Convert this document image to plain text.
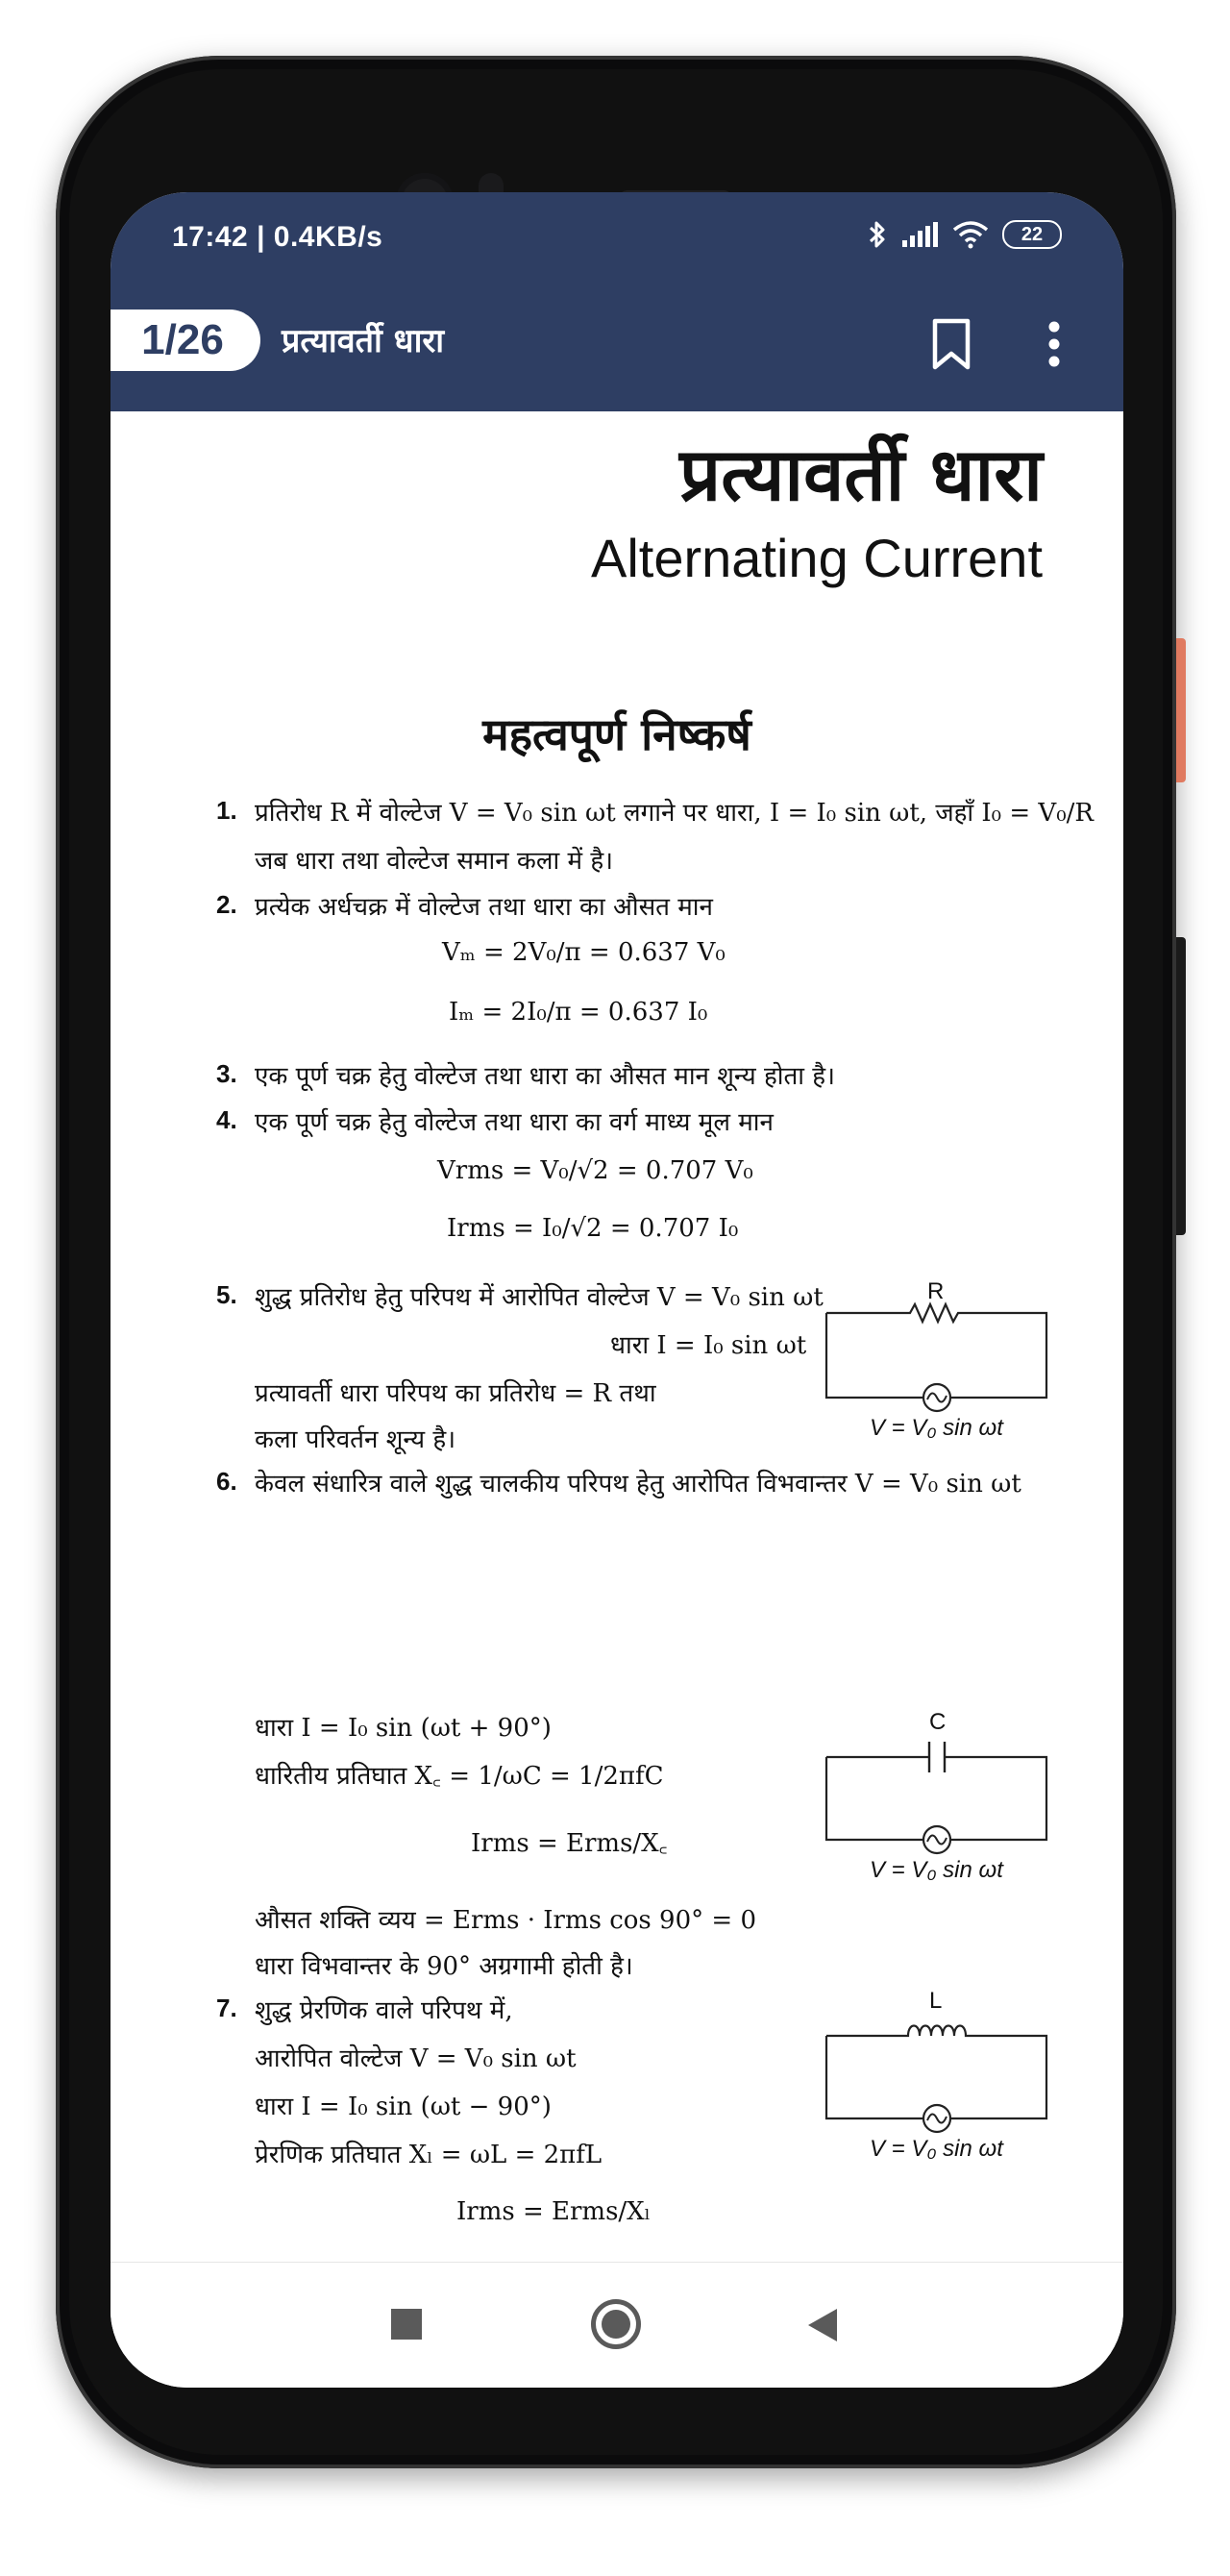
17:42 | 0.4KB/s	22
1/26	प्रत्यावर्ती धारा
प्रत्यावर्ती धारा
Alternating Current
महत्वपूर्ण निष्कर्ष
1. प्रतिरोध R में वोल्टेज V = V₀ sin ωt लगाने पर धारा, I = I₀ sin ωt, जहाँ I₀ = V₀/R
जब धारा तथा वोल्टेज समान कला में है।
2. प्रत्येक अर्धचक्र में वोल्टेज तथा धारा का औसत मान
Vₘ = 2V₀/π = 0.637 V₀
Iₘ = 2I₀/π = 0.637 I₀
3. एक पूर्ण चक्र हेतु वोल्टेज तथा धारा का औसत मान शून्य होता है।
4. एक पूर्ण चक्र हेतु वोल्टेज तथा धारा का वर्ग माध्य मूल मान
Vrms = V₀/√2 = 0.707 V₀
Irms = I₀/√2 = 0.707 I₀
5. शुद्ध प्रतिरोध हेतु परिपथ में आरोपित वोल्टेज V = V₀ sin ωt
धारा I = I₀ sin ωt
प्रत्यावर्ती धारा परिपथ का प्रतिरोध = R तथा
कला परिवर्तन शून्य है।
R
V = V₀ sin ωt
6. केवल संधारित्र वाले शुद्ध चालकीय परिपथ हेतु आरोपित विभवान्तर V = V₀ sin ωt
धारा I = I₀ sin (ωt + 90°)
धारितीय प्रतिघात X꜀ = 1/ωC = 1/2πfC
Irms = Erms/X꜀
औसत शक्ति व्यय = Erms · Irms cos 90° = 0
धारा विभवान्तर के 90° अग्रगामी होती है।
C
V = V₀ sin ωt
7. शुद्ध प्रेरणिक वाले परिपथ में,
आरोपित वोल्टेज V = V₀ sin ωt
धारा I = I₀ sin (ωt − 90°)
प्रेरणिक प्रतिघात Xₗ = ωL = 2πfL
Irms = Erms/Xₗ
L
V = V₀ sin ωt
